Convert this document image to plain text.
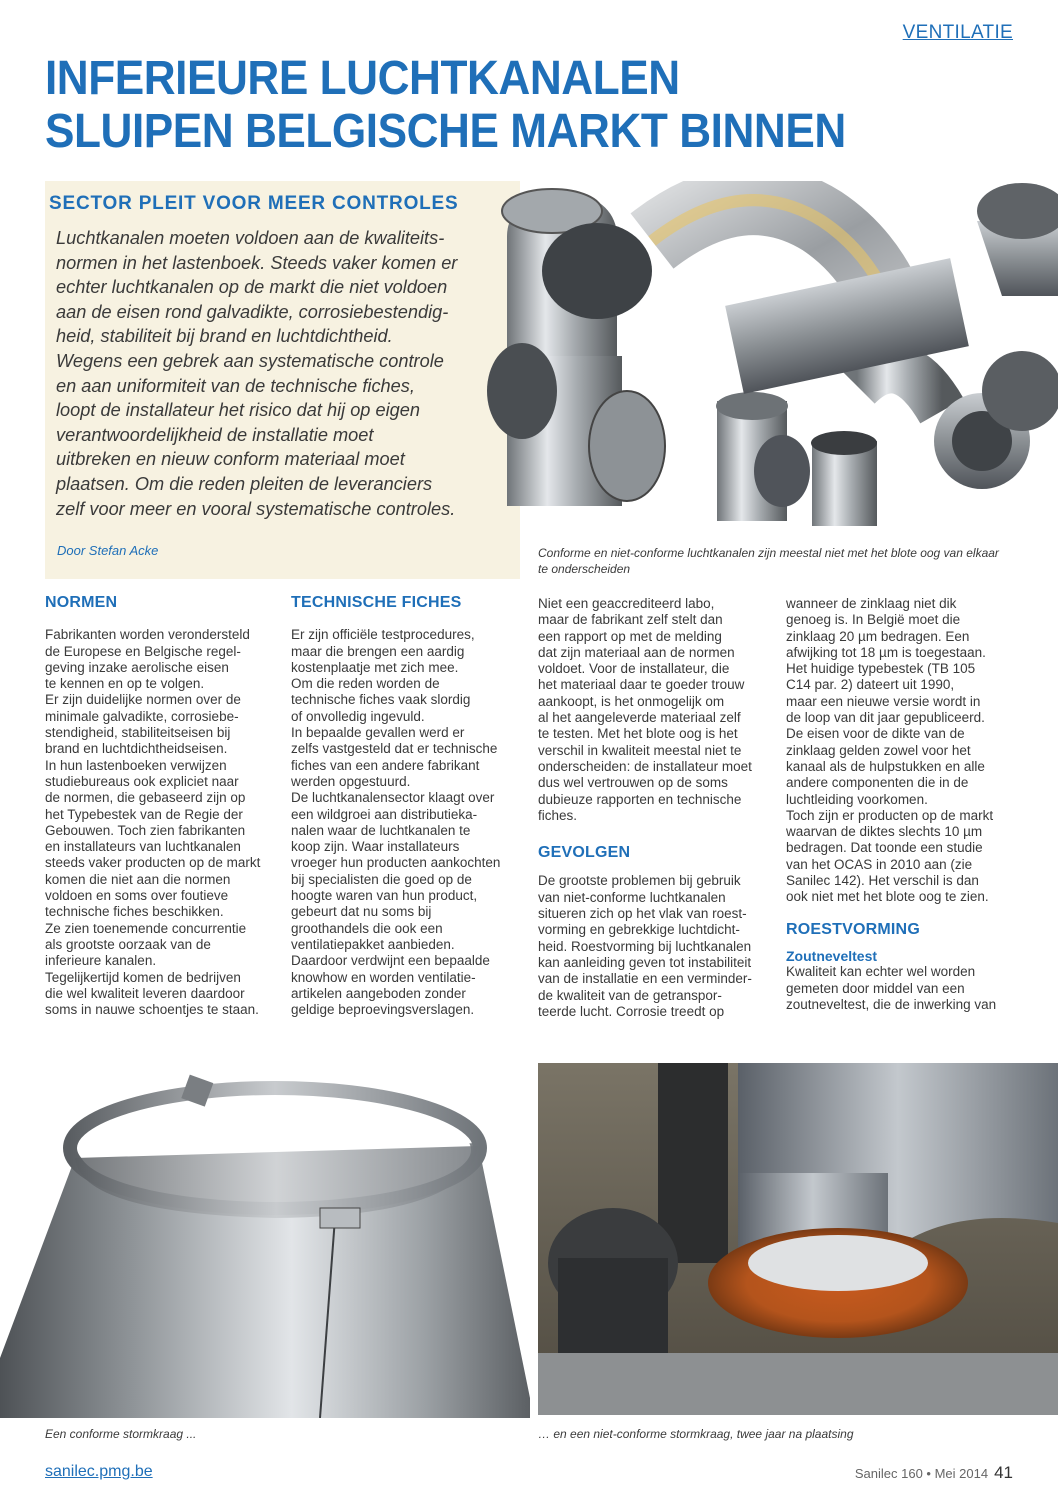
VENTILATIE
INFERIEURE LUCHTKANALEN
SLUIPEN BELGISCHE MARKT BINNEN
SECTOR PLEIT VOOR MEER CONTROLES
Luchtkanalen moeten voldoen aan de kwaliteits-
normen in het lastenboek. Steeds vaker komen er
echter luchtkanalen op de markt die niet voldoen
aan de eisen rond galvadikte, corrosiebestendig-
heid, stabiliteit bij brand en luchtdichtheid.
Wegens een gebrek aan systematische controle
en aan uniformiteit van de technische fiches,
loopt de installateur het risico dat hij op eigen
verantwoordelijkheid de installatie moet
uitbreken en nieuw conform materiaal moet
plaatsen. Om die reden pleiten de leveranciers
zelf voor meer en vooral systematische controles.
Door Stefan Acke	Conforme en niet-conforme luchtkanalen zijn meestal niet met het blote oog van elkaar
te onderscheiden
NORMEN
Fabrikanten worden verondersteld
de Europese en Belgische regel-
geving inzake aerolische eisen
te kennen en op te volgen.
Er zijn duidelijke normen over de
minimale galvadikte, corrosiebe-
stendigheid, stabiliteitseisen bij
brand en luchtdichtheidseisen.
In hun lastenboeken verwijzen
studiebureaus ook expliciet naar
de normen, die gebaseerd zijn op
het Typebestek van de Regie der
Gebouwen. Toch zien fabrikanten
en installateurs van luchtkanalen
steeds vaker producten op de markt
komen die niet aan die normen
voldoen en soms over foutieve
technische fiches beschikken.
Ze zien toenemende concurrentie
als grootste oorzaak van de
inferieure kanalen.
Tegelijkertijd komen de bedrijven
die wel kwaliteit leveren daardoor
soms in nauwe schoentjes te staan.
TECHNISCHE FICHES
Er zijn officiële testprocedures,
maar die brengen een aardig
kostenplaatje met zich mee.
Om die reden worden de
technische fiches vaak slordig
of onvolledig ingevuld.
In bepaalde gevallen werd er
zelfs vastgesteld dat er technische
fiches van een andere fabrikant
werden opgestuurd.
De luchtkanalensector klaagt over
een wildgroei aan distributieka-
nalen waar de luchtkanalen te
koop zijn. Waar installateurs
vroeger hun producten aankochten
bij specialisten die goed op de
hoogte waren van hun product,
gebeurt dat nu soms bij
groothandels die ook een
ventilatiepakket aanbieden.
Daardoor verdwijnt een bepaalde
knowhow en worden ventilatie-
artikelen aangeboden zonder
geldige beproevingsverslagen.
Niet een geaccrediteerd labo,
maar de fabrikant zelf stelt dan
een rapport op met de melding
dat zijn materiaal aan de normen
voldoet. Voor de installateur, die
het materiaal daar te goeder trouw
aankoopt, is het onmogelijk om
al het aangeleverde materiaal zelf
te testen. Met het blote oog is het
verschil in kwaliteit meestal niet te
onderscheiden: de installateur moet
dus wel vertrouwen op de soms
dubieuze rapporten en technische
fiches.
GEVOLGEN
De grootste problemen bij gebruik
van niet-conforme luchtkanalen
situeren zich op het vlak van roest-
vorming en gebrekkige luchtdicht-
heid. Roestvorming bij luchtkanalen
kan aanleiding geven tot instabiliteit
van de installatie en een verminder-
de kwaliteit van de getranspor-
teerde lucht. Corrosie treedt op
wanneer de zinklaag niet dik
genoeg is. In België moet die
zinklaag 20 µm bedragen. Een
afwijking tot 18 µm is toegestaan.
Het huidige typebestek (TB 105
C14 par. 2) dateert uit 1990,
maar een nieuwe versie wordt in
de loop van dit jaar gepubliceerd.
De eisen voor de dikte van de
zinklaag gelden zowel voor het
kanaal als de hulpstukken en alle
andere componenten die in de
luchtleiding voorkomen.
Toch zijn er producten op de markt
waarvan de diktes slechts 10 µm
bedragen. Dat toonde een studie
van het OCAS in 2010 aan (zie
Sanilec 142). Het verschil is dan
ook niet met het blote oog te zien.
ROESTVORMING
Zoutneveltest
Kwaliteit kan echter wel worden
gemeten door middel van een
zoutneveltest, die de inwerking van
Een conforme stormkraag ...	… en een niet-conforme stormkraag, twee jaar na plaatsing
sanilec.pmg.be	Sanilec 160 • Mei 2014 41
